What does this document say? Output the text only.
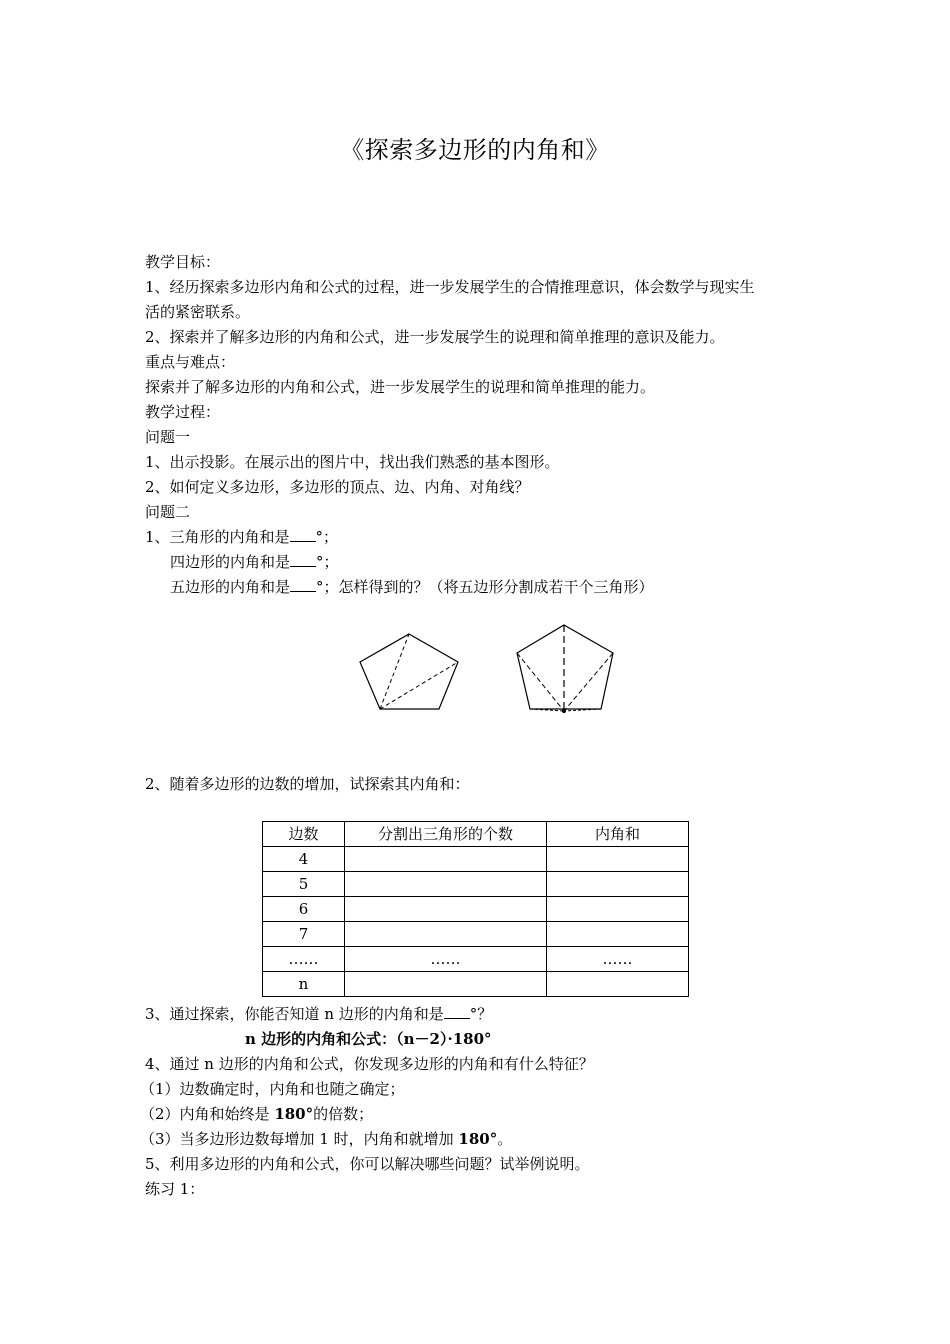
《探索多边形的内角和》
教学目标：
1、经历探索多边形内角和公式的过程，进一步发展学生的合情推理意识，体会数学与现实生
活的紧密联系。
2、探索并了解多边形的内角和公式，进一步发展学生的说理和简单推理的意识及能力。
重点与难点：
探索并了解多边形的内角和公式，进一步发展学生的说理和简单推理的能力。
教学过程：
问题一
1、出示投影。在展示出的图片中，找出我们熟悉的基本图形。
2、如何定义多边形，多边形的顶点、边、内角、对角线？
问题二
1、三角形的内角和是 °；
四边形的内角和是 °；
五边形的内角和是 °；怎样得到的？（将五边形分割成若干个三角形）
2、随着多边形的边数的增加，试探索其内角和：
边数	分割出三角形的个数	内角和
4		
5		
6		
7		
……	……	……
n		
3、通过探索，你能否知道 n 边形的内角和是 °？
n 边形的内角和公式：（n－2）·180°
4、通过 n 边形的内角和公式，你发现多边形的内角和有什么特征？
（1）边数确定时，内角和也随之确定；
（2）内角和始终是 180°的倍数；
（3）当多边形边数每增加 1 时，内角和就增加 180°。
5、利用多边形的内角和公式，你可以解决哪些问题？试举例说明。
练习 1：
